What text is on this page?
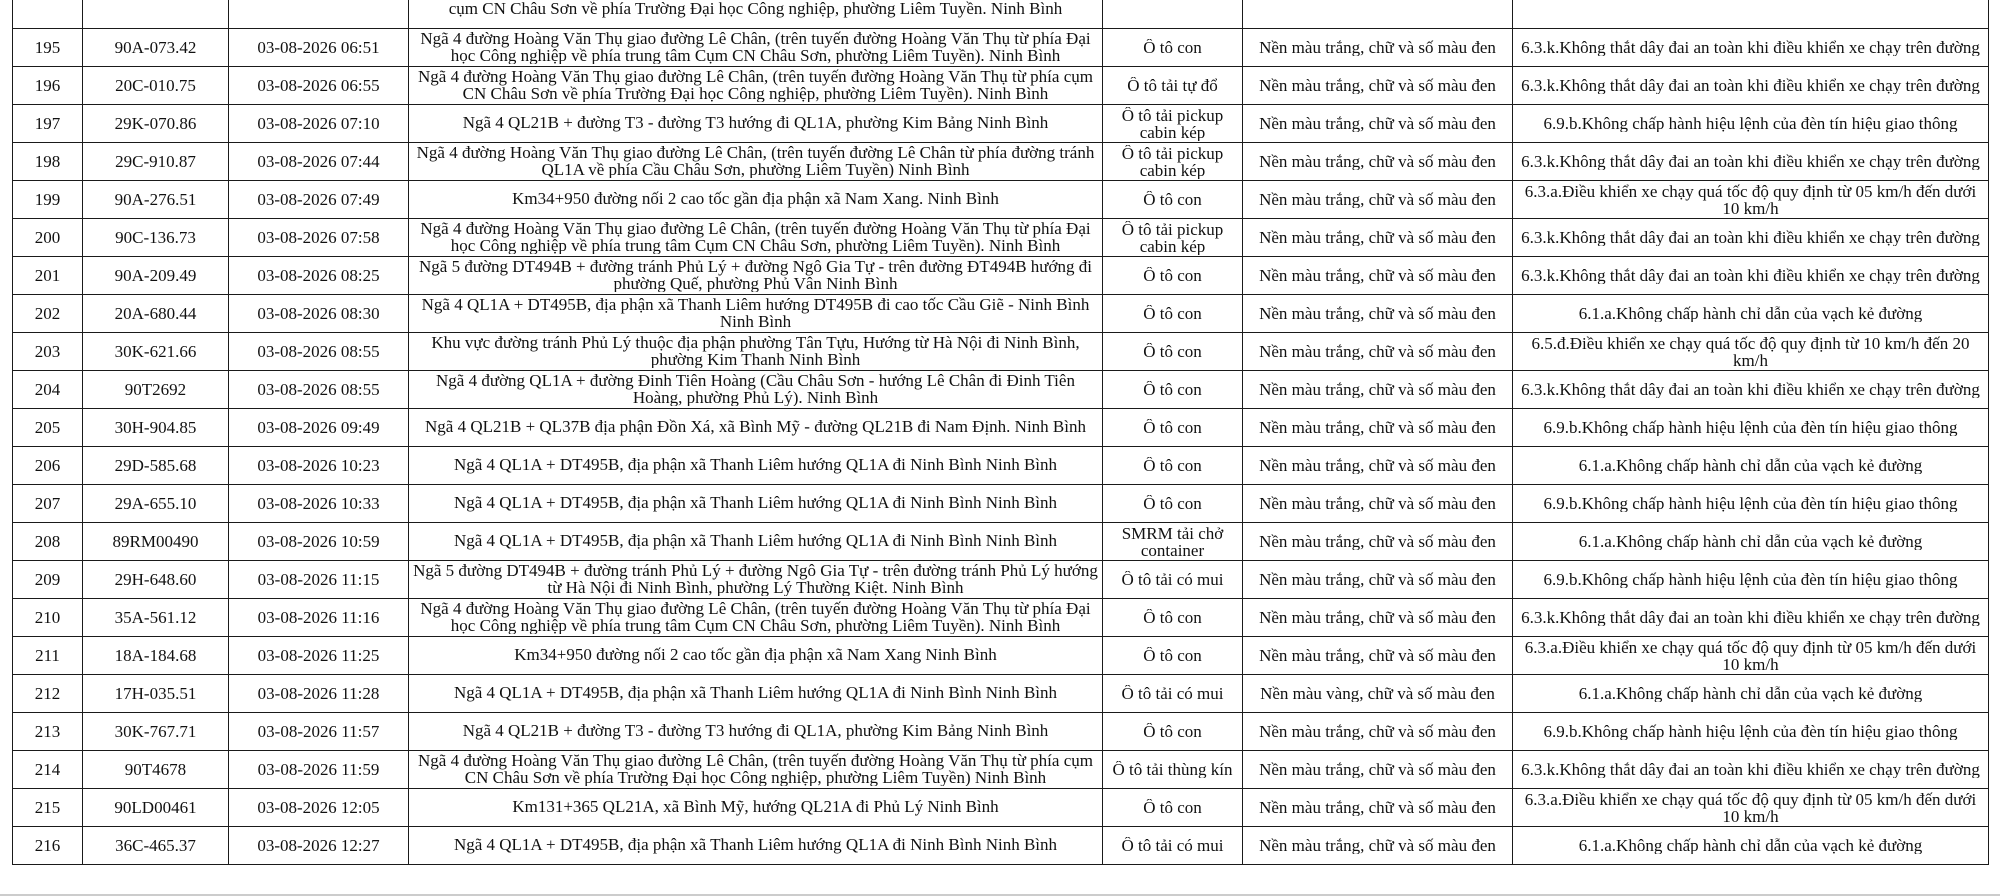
			cụm CN Châu Sơn về phía Trường Đại học Công nghiệp, phường Liêm Tuyền. Ninh Bình			

195	90A-073.42	03-08-2026 06:51	Ngã 4 đường Hoàng Văn Thụ giao đường Lê Chân, (trên tuyến đường Hoàng Văn Thụ từ phía Đại học Công nghiệp về phía trung tâm Cụm CN Châu Sơn, phường Liêm Tuyền). Ninh Bình	Ô tô con	Nền màu trắng, chữ và số màu đen	6.3.k.Không thắt dây đai an toàn khi điều khiển xe chạy trên đường

196	20C-010.75	03-08-2026 06:55	Ngã 4 đường Hoàng Văn Thụ giao đường Lê Chân, (trên tuyến đường Hoàng Văn Thụ từ phía cụm CN Châu Sơn về phía Trường Đại học Công nghiệp, phường Liêm Tuyền). Ninh Bình	Ô tô tải tự đổ	Nền màu trắng, chữ và số màu đen	6.3.k.Không thắt dây đai an toàn khi điều khiển xe chạy trên đường

197	29K-070.86	03-08-2026 07:10	Ngã 4 QL21B + đường T3 - đường T3 hướng đi QL1A, phường Kim Bảng Ninh Bình	Ô tô tải pickup cabin kép	Nền màu trắng, chữ và số màu đen	6.9.b.Không chấp hành hiệu lệnh của đèn tín hiệu giao thông

198	29C-910.87	03-08-2026 07:44	Ngã 4 đường Hoàng Văn Thụ giao đường Lê Chân, (trên tuyến đường Lê Chân từ phía đường tránh QL1A về phía Cầu Châu Sơn, phường Liêm Tuyền) Ninh Bình	Ô tô tải pickup cabin kép	Nền màu trắng, chữ và số màu đen	6.3.k.Không thắt dây đai an toàn khi điều khiển xe chạy trên đường

199	90A-276.51	03-08-2026 07:49	Km34+950 đường nối 2 cao tốc gần địa phận xã Nam Xang. Ninh Bình	Ô tô con	Nền màu trắng, chữ và số màu đen	6.3.a.Điều khiển xe chạy quá tốc độ quy định từ 05 km/h đến dưới 10 km/h

200	90C-136.73	03-08-2026 07:58	Ngã 4 đường Hoàng Văn Thụ giao đường Lê Chân, (trên tuyến đường Hoàng Văn Thụ từ phía Đại học Công nghiệp về phía trung tâm Cụm CN Châu Sơn, phường Liêm Tuyền). Ninh Bình	Ô tô tải pickup cabin kép	Nền màu trắng, chữ và số màu đen	6.3.k.Không thắt dây đai an toàn khi điều khiển xe chạy trên đường

201	90A-209.49	03-08-2026 08:25	Ngã 5 đường DT494B + đường tránh Phủ Lý + đường Ngô Gia Tự - trên đường ĐT494B hướng đi phường Quế, phường Phủ Vân Ninh Bình	Ô tô con	Nền màu trắng, chữ và số màu đen	6.3.k.Không thắt dây đai an toàn khi điều khiển xe chạy trên đường

202	20A-680.44	03-08-2026 08:30	Ngã 4 QL1A + DT495B, địa phận xã Thanh Liêm hướng DT495B đi cao tốc Cầu Giẽ - Ninh Bình Ninh Bình	Ô tô con	Nền màu trắng, chữ và số màu đen	6.1.a.Không chấp hành chỉ dẫn của vạch kẻ đường

203	30K-621.66	03-08-2026 08:55	Khu vực đường tránh Phủ Lý thuộc địa phận phường Tân Tựu, Hướng từ Hà Nội đi Ninh Bình, phường Kim Thanh Ninh Bình	Ô tô con	Nền màu trắng, chữ và số màu đen	6.5.đ.Điều khiển xe chạy quá tốc độ quy định từ 10 km/h đến 20 km/h

204	90T2692	03-08-2026 08:55	Ngã 4 đường QL1A + đường Đinh Tiên Hoàng (Cầu Châu Sơn - hướng Lê Chân đi Đinh Tiên Hoàng, phường Phủ Lý). Ninh Bình	Ô tô con	Nền màu trắng, chữ và số màu đen	6.3.k.Không thắt dây đai an toàn khi điều khiển xe chạy trên đường

205	30H-904.85	03-08-2026 09:49	Ngã 4 QL21B + QL37B địa phận Đồn Xá, xã Bình Mỹ - đường QL21B đi Nam Định. Ninh Bình	Ô tô con	Nền màu trắng, chữ và số màu đen	6.9.b.Không chấp hành hiệu lệnh của đèn tín hiệu giao thông

206	29D-585.68	03-08-2026 10:23	Ngã 4 QL1A + DT495B, địa phận xã Thanh Liêm hướng QL1A đi Ninh Bình Ninh Bình	Ô tô con	Nền màu trắng, chữ và số màu đen	6.1.a.Không chấp hành chỉ dẫn của vạch kẻ đường

207	29A-655.10	03-08-2026 10:33	Ngã 4 QL1A + DT495B, địa phận xã Thanh Liêm hướng QL1A đi Ninh Bình Ninh Bình	Ô tô con	Nền màu trắng, chữ và số màu đen	6.9.b.Không chấp hành hiệu lệnh của đèn tín hiệu giao thông

208	89RM00490	03-08-2026 10:59	Ngã 4 QL1A + DT495B, địa phận xã Thanh Liêm hướng QL1A đi Ninh Bình Ninh Bình	SMRM tải chở container	Nền màu trắng, chữ và số màu đen	6.1.a.Không chấp hành chỉ dẫn của vạch kẻ đường

209	29H-648.60	03-08-2026 11:15	Ngã 5 đường DT494B + đường tránh Phủ Lý + đường Ngô Gia Tự - trên đường tránh Phủ Lý hướng từ Hà Nội đi Ninh Bình, phường Lý Thường Kiệt. Ninh Bình	Ô tô tải có mui	Nền màu trắng, chữ và số màu đen	6.9.b.Không chấp hành hiệu lệnh của đèn tín hiệu giao thông

210	35A-561.12	03-08-2026 11:16	Ngã 4 đường Hoàng Văn Thụ giao đường Lê Chân, (trên tuyến đường Hoàng Văn Thụ từ phía Đại học Công nghiệp về phía trung tâm Cụm CN Châu Sơn, phường Liêm Tuyền). Ninh Bình	Ô tô con	Nền màu trắng, chữ và số màu đen	6.3.k.Không thắt dây đai an toàn khi điều khiển xe chạy trên đường

211	18A-184.68	03-08-2026 11:25	Km34+950 đường nối 2 cao tốc gần địa phận xã Nam Xang Ninh Bình	Ô tô con	Nền màu trắng, chữ và số màu đen	6.3.a.Điều khiển xe chạy quá tốc độ quy định từ 05 km/h đến dưới 10 km/h

212	17H-035.51	03-08-2026 11:28	Ngã 4 QL1A + DT495B, địa phận xã Thanh Liêm hướng QL1A đi Ninh Bình Ninh Bình	Ô tô tải có mui	Nền màu vàng, chữ và số màu đen	6.1.a.Không chấp hành chỉ dẫn của vạch kẻ đường

213	30K-767.71	03-08-2026 11:57	Ngã 4 QL21B + đường T3 - đường T3 hướng đi QL1A, phường Kim Bảng Ninh Bình	Ô tô con	Nền màu trắng, chữ và số màu đen	6.9.b.Không chấp hành hiệu lệnh của đèn tín hiệu giao thông

214	90T4678	03-08-2026 11:59	Ngã 4 đường Hoàng Văn Thụ giao đường Lê Chân, (trên tuyến đường Hoàng Văn Thụ từ phía cụm CN Châu Sơn về phía Trường Đại học Công nghiệp, phường Liêm Tuyền) Ninh Bình	Ô tô tải thùng kín	Nền màu trắng, chữ và số màu đen	6.3.k.Không thắt dây đai an toàn khi điều khiển xe chạy trên đường

215	90LD00461	03-08-2026 12:05	Km131+365 QL21A, xã Bình Mỹ, hướng QL21A đi Phủ Lý Ninh Bình	Ô tô con	Nền màu trắng, chữ và số màu đen	6.3.a.Điều khiển xe chạy quá tốc độ quy định từ 05 km/h đến dưới 10 km/h

216	36C-465.37	03-08-2026 12:27	Ngã 4 QL1A + DT495B, địa phận xã Thanh Liêm hướng QL1A đi Ninh Bình Ninh Bình	Ô tô tải có mui	Nền màu trắng, chữ và số màu đen	6.1.a.Không chấp hành chỉ dẫn của vạch kẻ đường
